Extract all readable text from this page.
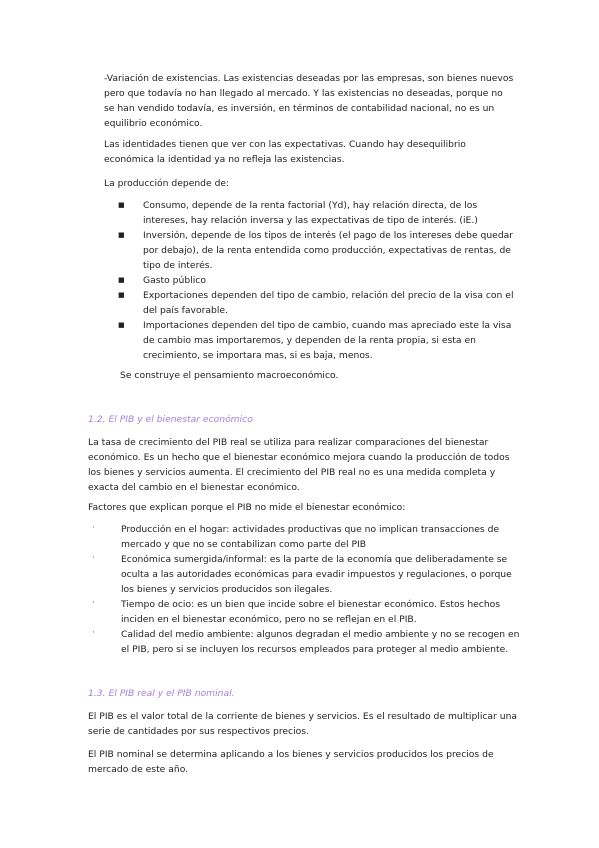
-Variación de existencias. Las existencias deseadas por las empresas, son bienes nuevos pero que todavía no han llegado al mercado. Y las existencias no deseadas, porque no se han vendido todavía, es inversión, en términos de contabilidad nacional, no es un equilibrio económico.

Las identidades tienen que ver con las expectativas. Cuando hay desequilibrio económica la identidad ya no refleja las existencias.

La producción depende de:

■ Consumo, depende de la renta factorial (Yd), hay relación directa, de los intereses, hay relación inversa y las expectativas de tipo de interés. (iE.)
■ Inversión, depende de los tipos de interés (el pago de los intereses debe quedar por debajo), de la renta entendida como producción, expectativas de rentas, de tipo de interés.
■ Gasto público
■ Exportaciones dependen del tipo de cambio, relación del precio de la visa con el del país favorable.
■ Importaciones dependen del tipo de cambio, cuando mas apreciado este la visa de cambio mas importaremos, y dependen de la renta propia, si esta en crecimiento, se importara mas, si es baja, menos.

Se construye el pensamiento macroeconómico.

1.2. El PIB y el bienestar económico

La tasa de crecimiento del PIB real se utiliza para realizar comparaciones del bienestar económico. Es un hecho que el bienestar económico mejora cuando la producción de todos los bienes y servicios aumenta. El crecimiento del PIB real no es una medida completa y exacta del cambio en el bienestar económico.

Factores que explican porque el PIB no mide el bienestar económico:

·	Producción en el hogar: actividades productivas que no implican transacciones de mercado y que no se contabilizan como parte del PIB
·	Económica sumergida/informal: es la parte de la economía que deliberadamente se oculta a las autoridades económicas para evadir impuestos y regulaciones, o porque los bienes y servicios producidos son ilegales.
·	Tiempo de ocio: es un bien que incide sobre el bienestar económico. Estos hechos inciden en el bienestar económico, pero no se reflejan en el PIB.
·	Calidad del medio ambiente: algunos degradan el medio ambiente y no se recogen en el PIB, pero si se incluyen los recursos empleados para proteger al medio ambiente.

1.3. El PIB real y el PIB nominal.

El PIB es el valor total de la corriente de bienes y servicios. Es el resultado de multiplicar una serie de cantidades por sus respectivos precios.

El PIB nominal se determina aplicando a los bienes y servicios producidos los precios de mercado de este año.
